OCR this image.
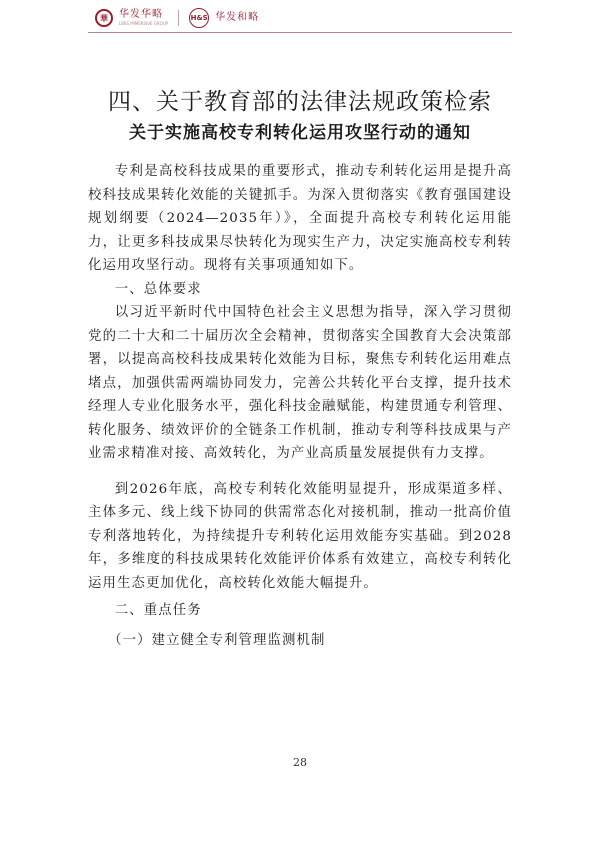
華	华发华略
LIBIS IMMERSIVE GROUP
H&S 华发和略
四、关于教育部的法律法规政策检索
关于实施高校专利转化运用攻坚行动的通知

专利是高校科技成果的重要形式，推动专利转化运用是提升高校科技成果转化效能的关键抓手。为深入贯彻落实《教育强国建设规划纲要（2024—2035年）》，全面提升高校专利转化运用能力，让更多科技成果尽快转化为现实生产力，决定实施高校专利转化运用攻坚行动。现将有关事项通知如下。

一、总体要求

以习近平新时代中国特色社会主义思想为指导，深入学习贯彻党的二十大和二十届历次全会精神，贯彻落实全国教育大会决策部署，以提高高校科技成果转化效能为目标，聚焦专利转化运用难点堵点，加强供需两端协同发力，完善公共转化平台支撑，提升技术经理人专业化服务水平，强化科技金融赋能，构建贯通专利管理、转化服务、绩效评价的全链条工作机制，推动专利等科技成果与产业需求精准对接、高效转化，为产业高质量发展提供有力支撑。

到2026年底，高校专利转化效能明显提升，形成渠道多样、主体多元、线上线下协同的供需常态化对接机制，推动一批高价值专利落地转化，为持续提升专利转化运用效能夯实基础。到2028年，多维度的科技成果转化效能评价体系有效建立，高校专利转化运用生态更加优化，高校转化效能大幅提升。

二、重点任务

（一）建立健全专利管理监测机制

28
